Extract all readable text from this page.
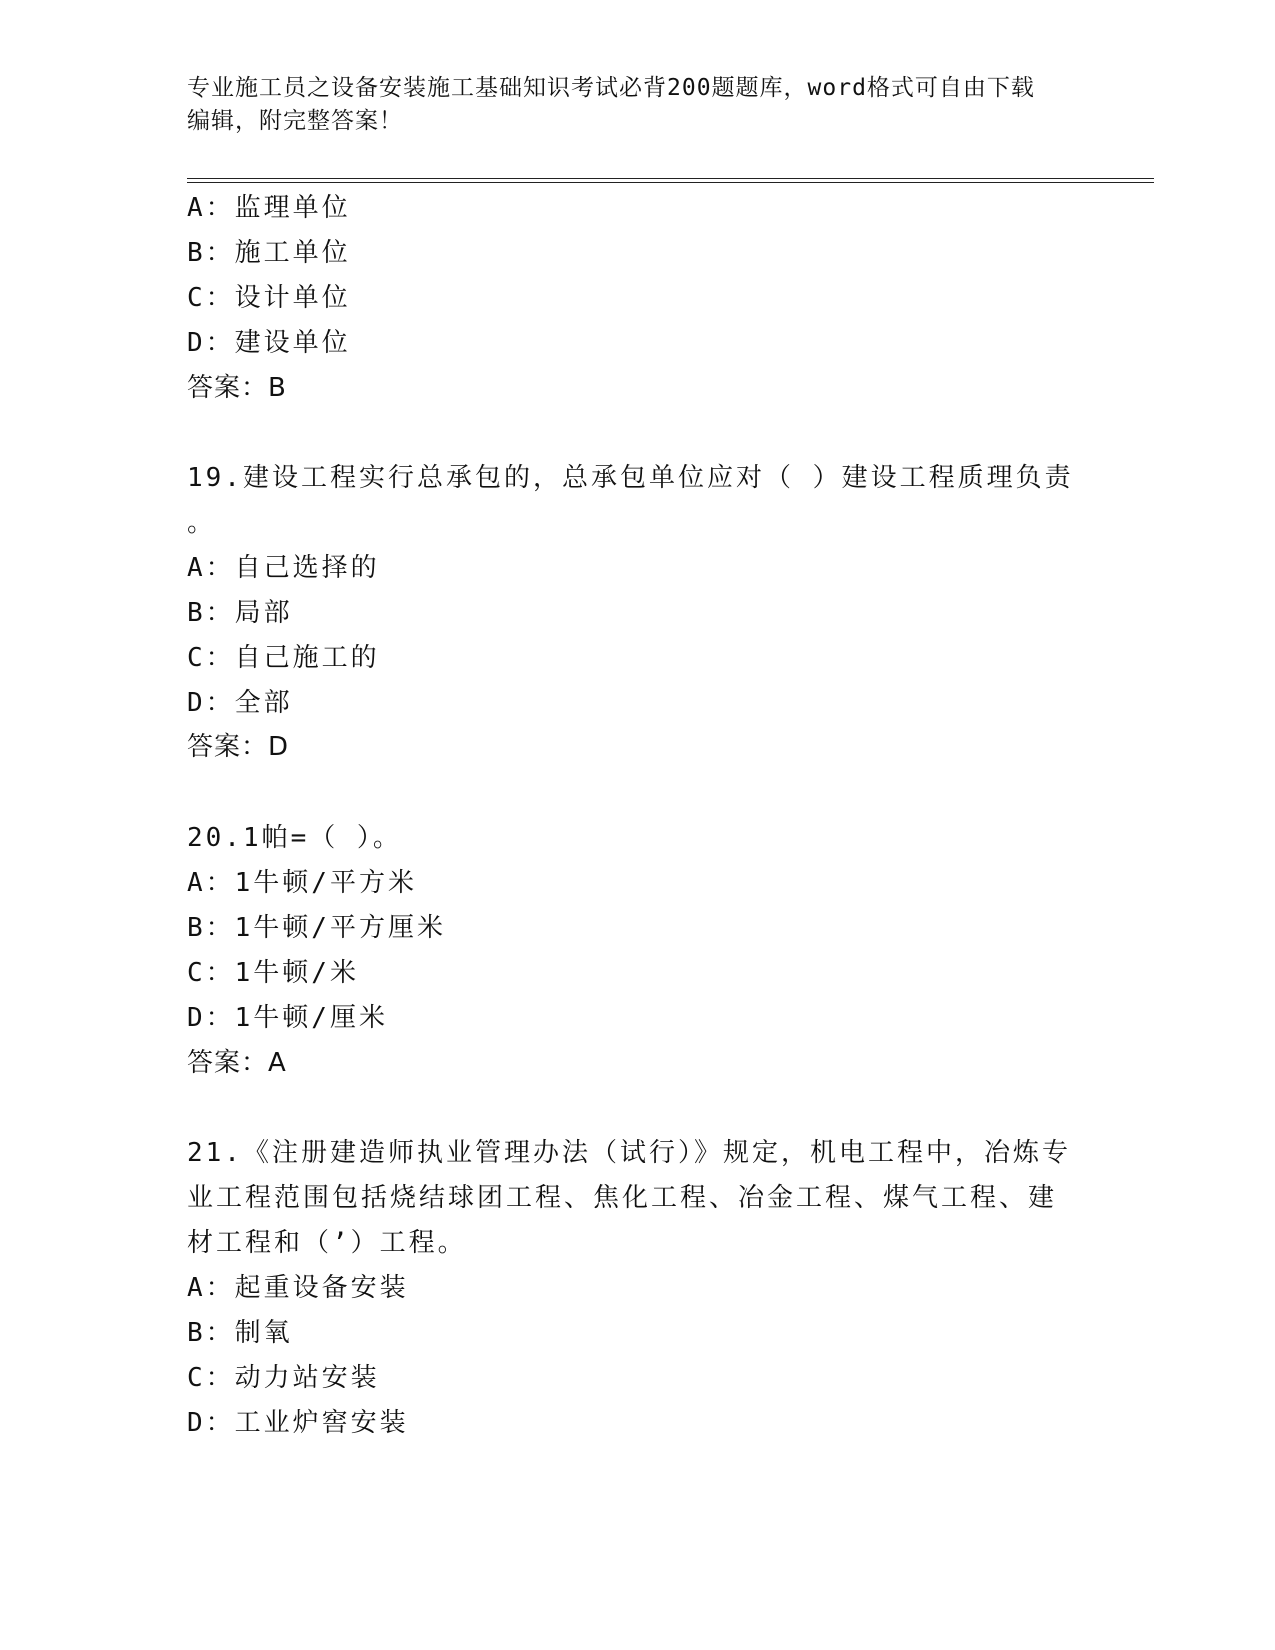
专业施工员之设备安装施工基础知识考试必背200题题库，word格式可自由下载
编辑，附完整答案！
A：监理单位
B：施工单位
C：设计单位
D：建设单位
答案：B
19.建设工程实行总承包的，总承包单位应对（ ）建设工程质理负责
。
A：自己选择的
B：局部
C：自己施工的
D：全部
答案：D
20.1帕=（ ）。
A：1牛顿/平方米
B：1牛顿/平方厘米
C：1牛顿/米
D：1牛顿/厘米
答案：A
21.《注册建造师执业管理办法（试行）》规定，机电工程中，冶炼专
业工程范围包括烧结球团工程、焦化工程、冶金工程、煤气工程、建
材工程和（’）工程。
A：起重设备安装
B：制氧
C：动力站安装
D：工业炉窖安装
